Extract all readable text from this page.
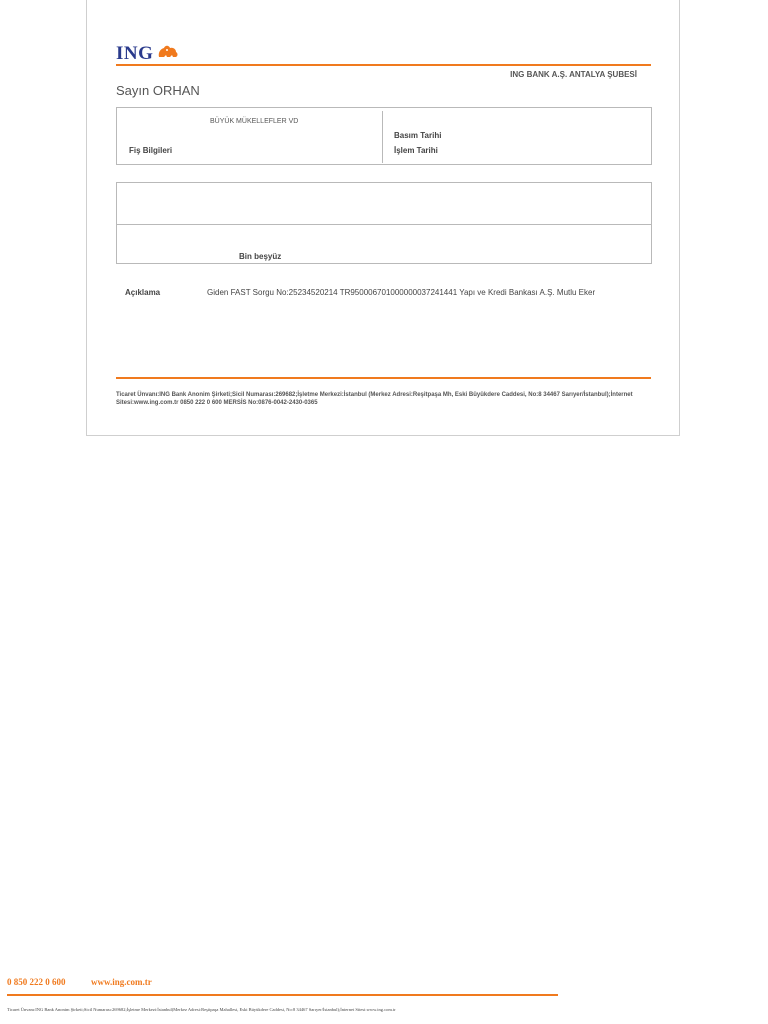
ING
ING BANK A.Ş. ANTALYA ŞUBESİ
Sayın ORHAN
BÜYÜK MÜKELLEFLER VD
Fiş Bilgileri
Basım Tarihi
İşlem Tarihi
Bin beşyüz
Açıklama	Giden FAST Sorgu No:25234520214 TR950006701000000037241441 Yapı ve Kredi Bankası A.Ş. Mutlu Eker
Ticaret Ünvanı:ING Bank Anonim Şirketi;Sicil Numarası:269682;İşletme Merkezi:İstanbul (Merkez Adresi:Reşitpaşa Mh, Eski Büyükdere Caddesi, No:8 34467 Sarıyer/İstanbul);İnternet Sitesi:www.ing.com.tr 0850 222 0 600 MERSİS No:0876-0042-2430-0365
0 850 222 0 600	www.ing.com.tr
Ticaret Ünvanı:ING Bank Anonim Şirketi;Sicil Numarası:269682;İşletme Merkezi:İstanbul(Merkez Adresi:Reşitpaşa Mahallesi, Eski Büyükdere Caddesi, No:8 34467 Sarıyer/İstanbul);İnternet Sitesi:www.ing.com.tr
